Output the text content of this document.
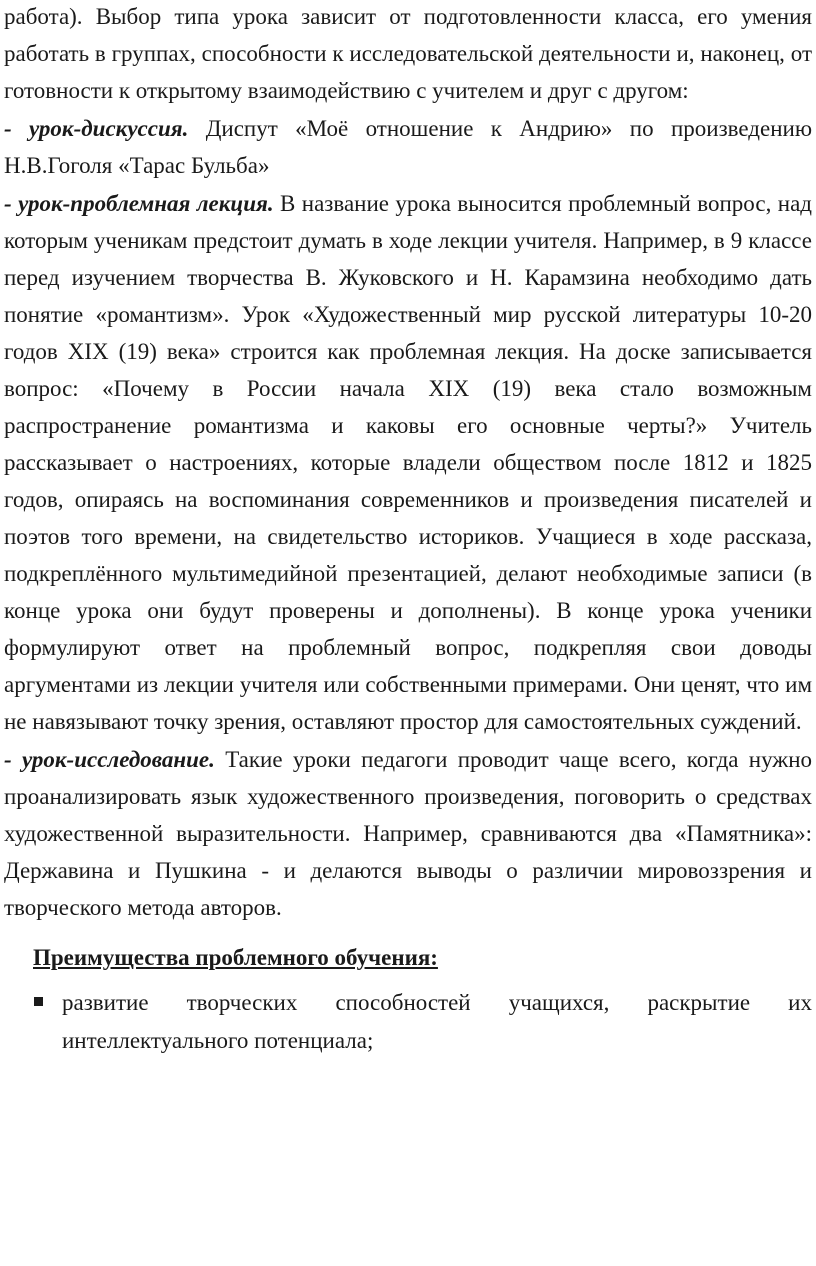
работа). Выбор типа урока зависит от подготовленности класса, его умения работать в группах, способности к исследовательской деятельности и, наконец, от готовности к открытому взаимодействию с учителем и друг с другом:

- урок-дискуссия. Диспут «Моё отношение к Андрию» по произведению Н.В.Гоголя «Тарас Бульба»

- урок-проблемная лекция. В название урока выносится проблемный вопрос, над которым ученикам предстоит думать в ходе лекции учителя. Например, в 9 классе перед изучением творчества В. Жуковского и Н. Карамзина необходимо дать понятие «романтизм». Урок «Художественный мир русской литературы 10-20 годов XIX (19) века» строится как проблемная лекция. На доске записывается вопрос: «Почему в России начала XIX (19) века стало возможным распространение романтизма и каковы его основные черты?» Учитель рассказывает о настроениях, которые владели обществом после 1812 и 1825 годов, опираясь на воспоминания современников и произведения писателей и поэтов того времени, на свидетельство историков. Учащиеся в ходе рассказа, подкреплённого мультимедийной презентацией, делают необходимые записи (в конце урока они будут проверены и дополнены). В конце урока ученики формулируют ответ на проблемный вопрос, подкрепляя свои доводы аргументами из лекции учителя или собственными примерами. Они ценят, что им не навязывают точку зрения, оставляют простор для самостоятельных суждений.

- урок-исследование. Такие уроки педагоги проводит чаще всего, когда нужно проанализировать язык художественного произведения, поговорить о средствах художественной выразительности. Например, сравниваются два «Памятника»: Державина и Пушкина - и делаются выводы о различии мировоззрения и творческого метода авторов.

Преимущества проблемного обучения:
развитие творческих способностей учащихся, раскрытие их интеллектуального потенциала;
